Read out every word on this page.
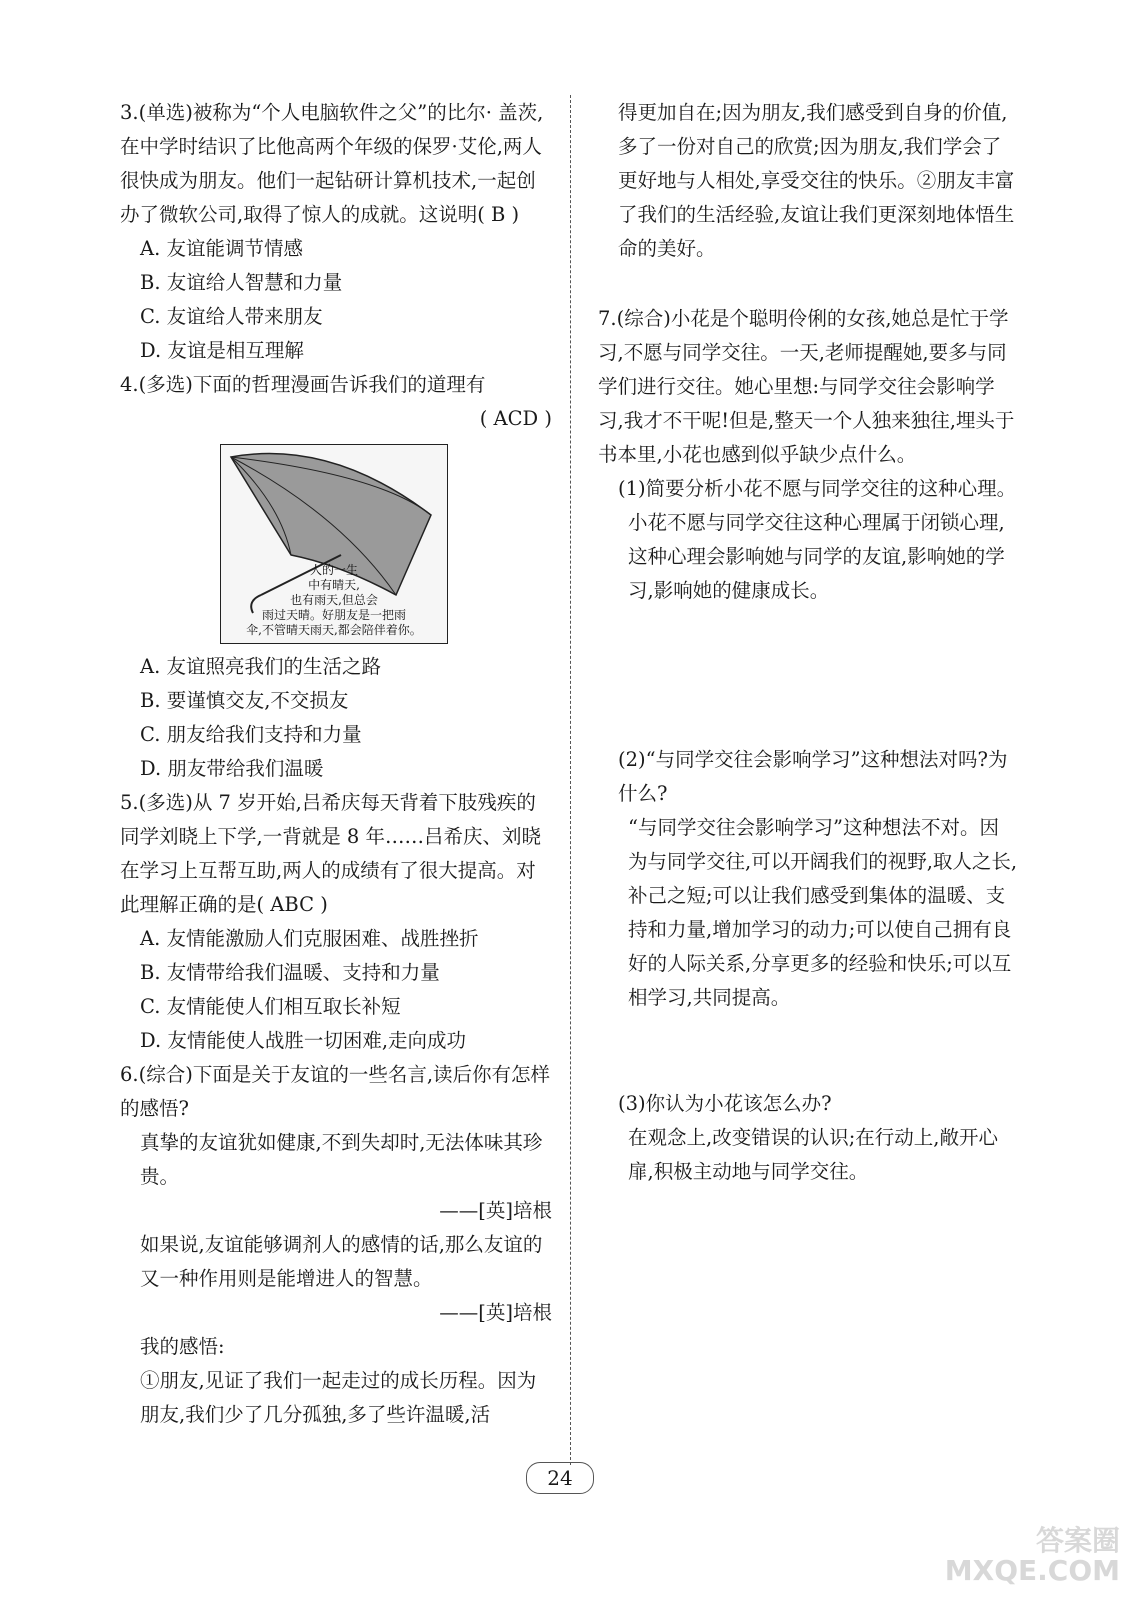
3.(单选)被称为“个人电脑软件之父”的比尔· 盖茨,在中学时结识了比他高两个年级的保罗·艾伦,两人很快成为朋友。他们一起钻研计算机技术,一起创办了微软公司,取得了惊人的成就。这说明( B )

A. 友谊能调节情感

B. 友谊给人智慧和力量

C. 友谊给人带来朋友

D. 友谊是相互理解

4.(多选)下面的哲理漫画告诉我们的道理有

( ACD )

人的一生
中有晴天,
也有雨天,但总会
雨过天晴。好朋友是一把雨
伞,不管晴天雨天,都会陪伴着你。

A. 友谊照亮我们的生活之路

B. 要谨慎交友,不交损友

C. 朋友给我们支持和力量

D. 朋友带给我们温暖

5.(多选)从 7 岁开始,吕希庆每天背着下肢残疾的同学刘晓上下学,一背就是 8 年……吕希庆、刘晓在学习上互帮互助,两人的成绩有了很大提高。对此理解正确的是( ABC )

A. 友情能激励人们克服困难、战胜挫折

B. 友情带给我们温暖、支持和力量

C. 友情能使人们相互取长补短

D. 友情能使人战胜一切困难,走向成功

6.(综合)下面是关于友谊的一些名言,读后你有怎样的感悟?

真挚的友谊犹如健康,不到失却时,无法体味其珍贵。

——[英]培根

如果说,友谊能够调剂人的感情的话,那么友谊的又一种作用则是能增进人的智慧。

——[英]培根

我的感悟:

①朋友,见证了我们一起走过的成长历程。因为朋友,我们少了几分孤独,多了些许温暖,活

得更加自在;因为朋友,我们感受到自身的价值,多了一份对自己的欣赏;因为朋友,我们学会了更好地与人相处,享受交往的快乐。②朋友丰富了我们的生活经验,友谊让我们更深刻地体悟生命的美好。

7.(综合)小花是个聪明伶俐的女孩,她总是忙于学习,不愿与同学交往。一天,老师提醒她,要多与同学们进行交往。她心里想:与同学交往会影响学习,我才不干呢!但是,整天一个人独来独往,埋头于书本里,小花也感到似乎缺少点什么。

(1)简要分析小花不愿与同学交往的这种心理。

小花不愿与同学交往这种心理属于闭锁心理,这种心理会影响她与同学的友谊,影响她的学习,影响她的健康成长。

(2)“与同学交往会影响学习”这种想法对吗?为什么?

“与同学交往会影响学习”这种想法不对。因为与同学交往,可以开阔我们的视野,取人之长,补己之短;可以让我们感受到集体的温暖、支持和力量,增加学习的动力;可以使自己拥有良好的人际关系,分享更多的经验和快乐;可以互相学习,共同提高。

(3)你认为小花该怎么办?

在观念上,改变错误的认识;在行动上,敞开心扉,积极主动地与同学交往。

24
答案圈
MXQE.COM
